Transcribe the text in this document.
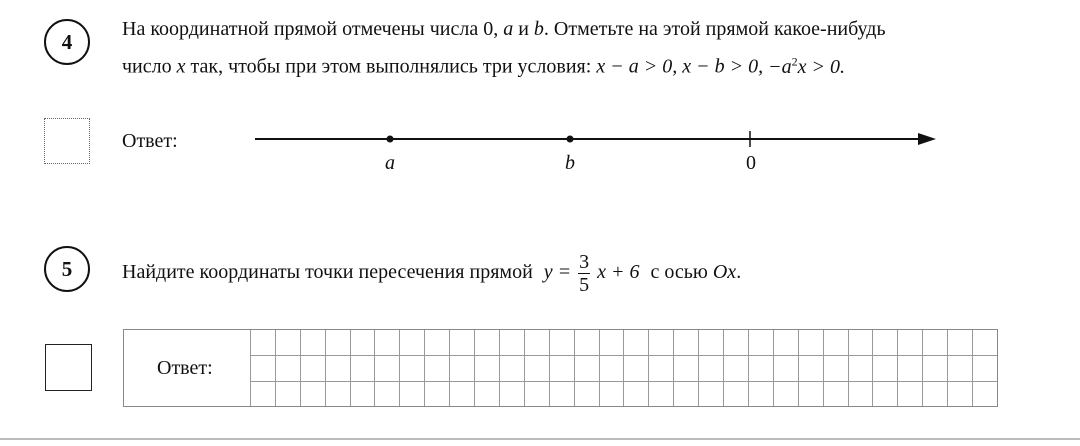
4
На координатной прямой отмечены числа 0, a и b. Отметьте на этой прямой какое-нибудь
число x так, чтобы при этом выполнялись три условия: x − a > 0, x − b > 0, $-a^2x > 0$.
Ответ:
a	b	0
5 Найдите координаты точки пересечения прямой $y = \frac{3}{5}$ x + 6 с осью Ox.
Ответ:
